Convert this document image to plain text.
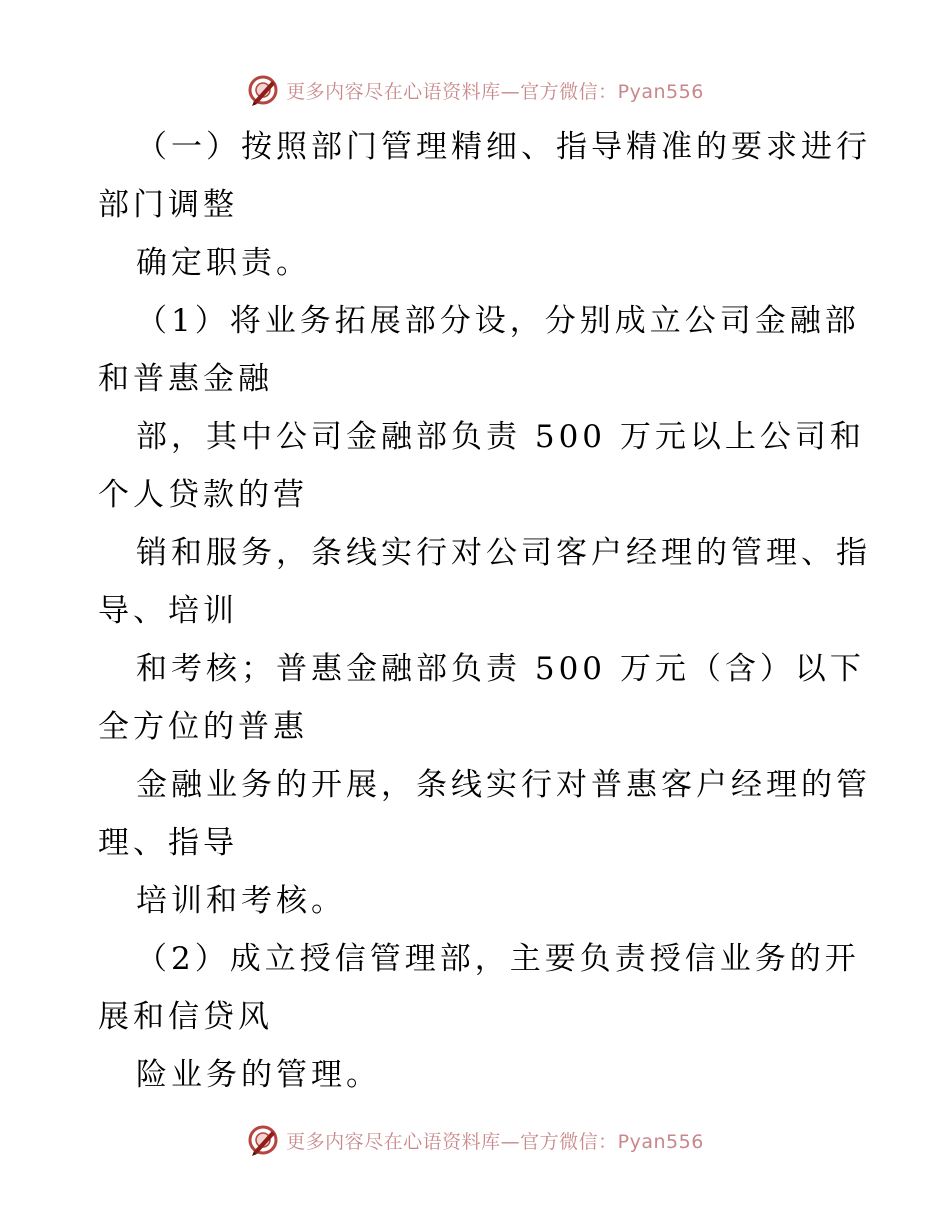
更多内容尽在心语资料库—官方微信：Pyan556
（一）按照部门管理精细、指导精准的要求进行
部门调整
确定职责。
（1）将业务拓展部分设，分别成立公司金融部
和普惠金融
部，其中公司金融部负责 500 万元以上公司和
个人贷款的营
销和服务，条线实行对公司客户经理的管理、指
导、培训
和考核；普惠金融部负责 500 万元（含）以下
全方位的普惠
金融业务的开展，条线实行对普惠客户经理的管
理、指导
培训和考核。
（2）成立授信管理部，主要负责授信业务的开
展和信贷风
险业务的管理。
更多内容尽在心语资料库—官方微信：Pyan556
